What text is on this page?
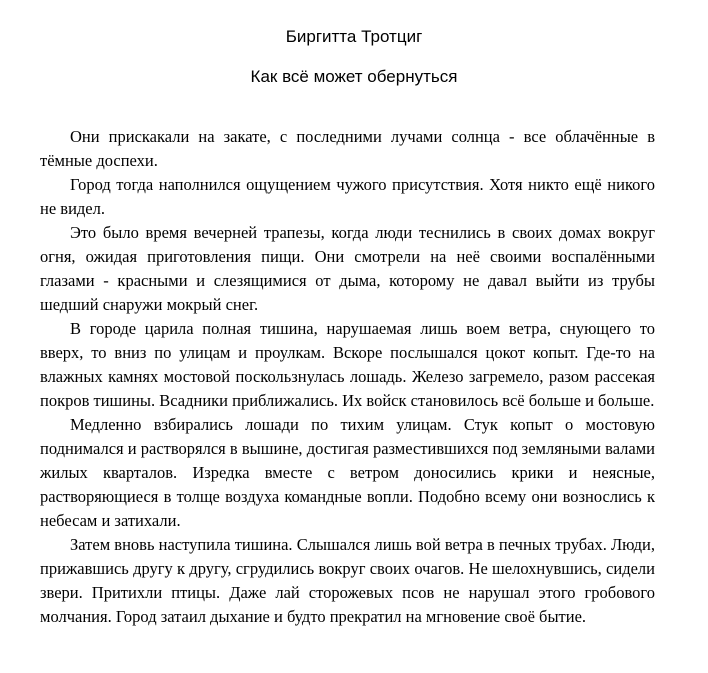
Биргитта Тротциг
Как всё может обернуться

Они прискакали на закате, с последними лучами солнца - все облачённые в тёмные доспехи.

Город тогда наполнился ощущением чужого присутствия. Хотя никто ещё никого не видел.

Это было время вечерней трапезы, когда люди теснились в своих домах вокруг огня, ожидая приготовления пищи. Они смотрели на неё своими воспалёнными глазами - красными и слезящимися от дыма, которому не давал выйти из трубы шедший снаружи мокрый снег.

В городе царила полная тишина, нарушаемая лишь воем ветра, снующего то вверх, то вниз по улицам и проулкам. Вскоре послышался цокот копыт. Где-то на влажных камнях мостовой поскользнулась лошадь. Железо загремело, разом рассекая покров тишины. Всадники приближались. Их войск становилось всё больше и больше.

Медленно взбирались лошади по тихим улицам. Стук копыт о мостовую поднимался и растворялся в вышине, достигая разместившихся под земляными валами жилых кварталов. Изредка вместе с ветром доносились крики и неясные, растворяющиеся в толще воздуха командные вопли. Подобно всему они вознослись к небесам и затихали.

Затем вновь наступила тишина. Слышался лишь вой ветра в печных трубах. Люди, прижавшись другу к другу, сгрудились вокруг своих очагов. Не шелохнувшись, сидели звери. Притихли птицы. Даже лай сторожевых псов не нарушал этого гробового молчания. Город затаил дыхание и будто прекратил на мгновение своё бытие.
